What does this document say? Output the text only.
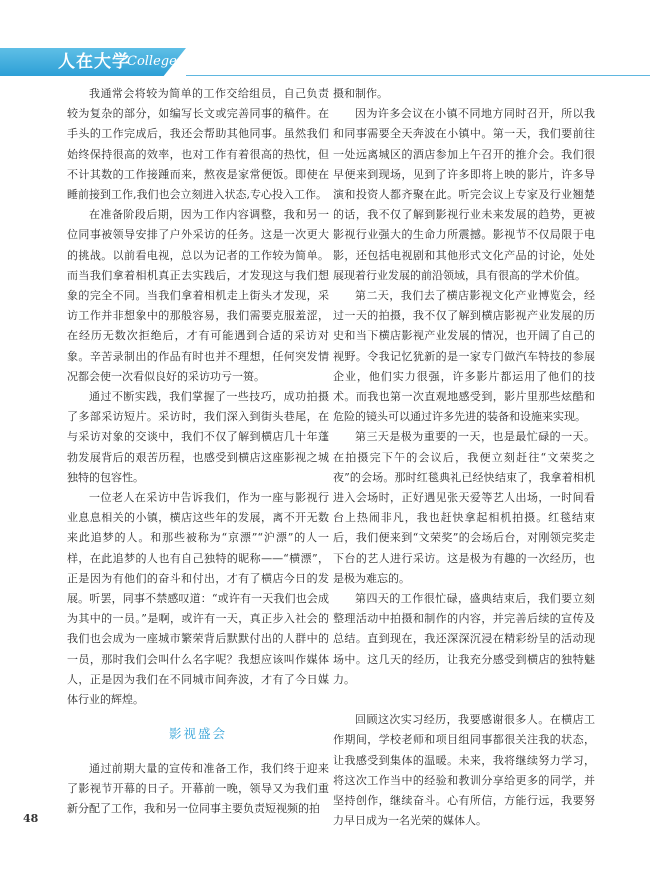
人在大学
College

我通常会将较为简单的工作交给组员，自己负责较为复杂的部分，如编写长文或完善同事的稿件。在手头的工作完成后，我还会帮助其他同事。虽然我们始终保持很高的效率，也对工作有着很高的热忱，但不计其数的工作接踵而来，熬夜是家常便饭。即使在睡前接到工作,我们也会立刻进入状态,专心投入工作。

在准备阶段后期，因为工作内容调整，我和另一位同事被领导安排了户外采访的任务。这是一次更大的挑战。以前看电视，总以为记者的工作较为简单。而当我们拿着相机真正去实践后，才发现这与我们想象的完全不同。当我们拿着相机走上街头才发现，采访工作并非想象中的那般容易，我们需要克服羞涩，在经历无数次拒绝后，才有可能遇到合适的采访对象。辛苦录制出的作品有时也并不理想，任何突发情况都会使一次看似良好的采访功亏一篑。

通过不断实践，我们掌握了一些技巧，成功拍摄了多部采访短片。采访时，我们深入到街头巷尾，在与采访对象的交谈中，我们不仅了解到横店几十年蓬勃发展背后的艰苦历程，也感受到横店这座影视之城独特的包容性。

一位老人在采访中告诉我们，作为一座与影视行业息息相关的小镇，横店这些年的发展，离不开无数来此追梦的人。和那些被称为“京漂”“沪漂”的人一样，在此追梦的人也有自己独特的昵称——“横漂”，正是因为有他们的奋斗和付出，才有了横店今日的发展。听罢，同事不禁感叹道：“或许有一天我们也会成为其中的一员。”是啊，或许有一天，真正步入社会的我们也会成为一座城市繁荣背后默默付出的人群中的一员，那时我们会叫什么名字呢？我想应该叫作媒体人，正是因为我们在不同城市间奔波，才有了今日媒体行业的辉煌。

影视盛会

通过前期大量的宣传和准备工作，我们终于迎来了影视节开幕的日子。开幕前一晚，领导又为我们重新分配了工作，我和另一位同事主要负责短视频的拍

摄和制作。

因为许多会议在小镇不同地方同时召开，所以我和同事需要全天奔波在小镇中。第一天，我们要前往一处远离城区的酒店参加上午召开的推介会。我们很早便来到现场，见到了许多即将上映的影片，许多导演和投资人都齐聚在此。听完会议上专家及行业翘楚的话，我不仅了解到影视行业未来发展的趋势，更被影视行业强大的生命力所震撼。影视节不仅局限于电影，还包括电视剧和其他形式文化产品的讨论，处处展现着行业发展的前沿领域，具有很高的学术价值。

第二天，我们去了横店影视文化产业博览会，经过一天的拍摄，我不仅了解到横店影视产业发展的历史和当下横店影视产业发展的情况，也开阔了自己的视野。令我记忆犹新的是一家专门做汽车特技的参展企业，他们实力很强，许多影片都运用了他们的技术。而我也第一次直观地感受到，影片里那些炫酷和危险的镜头可以通过许多先进的装备和设施来实现。

第三天是极为重要的一天，也是最忙碌的一天。在拍摄完下午的会议后，我便立刻赶往“文荣奖之夜”的会场。那时红毯典礼已经快结束了，我拿着相机进入会场时，正好遇见张天爱等艺人出场，一时间看台上热闹非凡，我也赶快拿起相机拍摄。红毯结束后，我们便来到“文荣奖”的会场后台，对刚领完奖走下台的艺人进行采访。这是极为有趣的一次经历，也是极为难忘的。

第四天的工作很忙碌，盛典结束后，我们要立刻整理活动中拍摄和制作的内容，并完善后续的宣传及总结。直到现在，我还深深沉浸在精彩纷呈的活动现场中。这几天的经历，让我充分感受到横店的独特魅力。

回顾这次实习经历，我要感谢很多人。在横店工作期间，学校老师和项目组同事都很关注我的状态，让我感受到集体的温暖。未来，我将继续努力学习，将这次工作当中的经验和教训分享给更多的同学，并坚持创作，继续奋斗。心有所信，方能行远，我要努力早日成为一名光荣的媒体人。

48
